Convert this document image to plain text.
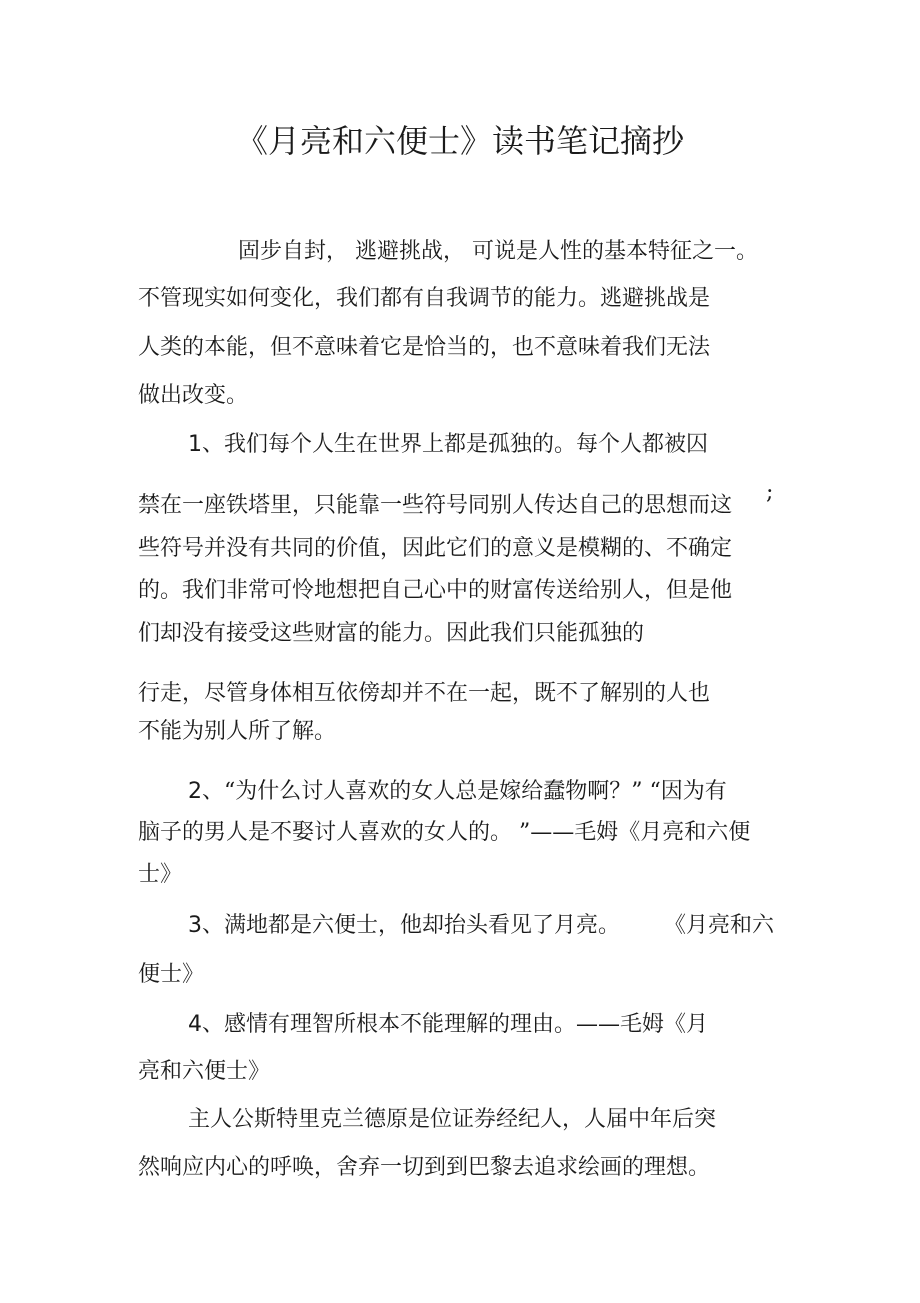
《月亮和六便士》读书笔记摘抄
固步自封， 逃避挑战， 可说是人性的基本特征之一。
不管现实如何变化，我们都有自我调节的能力。逃避挑战是
人类的本能，但不意味着它是恰当的，也不意味着我们无法
做出改变。
1、我们每个人生在世界上都是孤独的。每个人都被囚
;
禁在一座铁塔里，只能靠一些符号同别人传达自己的思想而这
些符号并没有共同的价值，因此它们的意义是模糊的、不确定
的。我们非常可怜地想把自己心中的财富传送给别人，但是他
们却没有接受这些财富的能力。因此我们只能孤独的
行走，尽管身体相互依傍却并不在一起，既不了解别的人也
不能为别人所了解。
2、“为什么讨人喜欢的女人总是嫁给蠢物啊？” “因为有
脑子的男人是不娶讨人喜欢的女人的。 ”——毛姆《月亮和六便
士》
3、满地都是六便士，他却抬头看见了月亮。 《月亮和六
便士》
4、感情有理智所根本不能理解的理由。——毛姆《月
亮和六便士》
主人公斯特里克兰德原是位证券经纪人，人届中年后突
然响应内心的呼唤，舍弃一切到到巴黎去追求绘画的理想。
